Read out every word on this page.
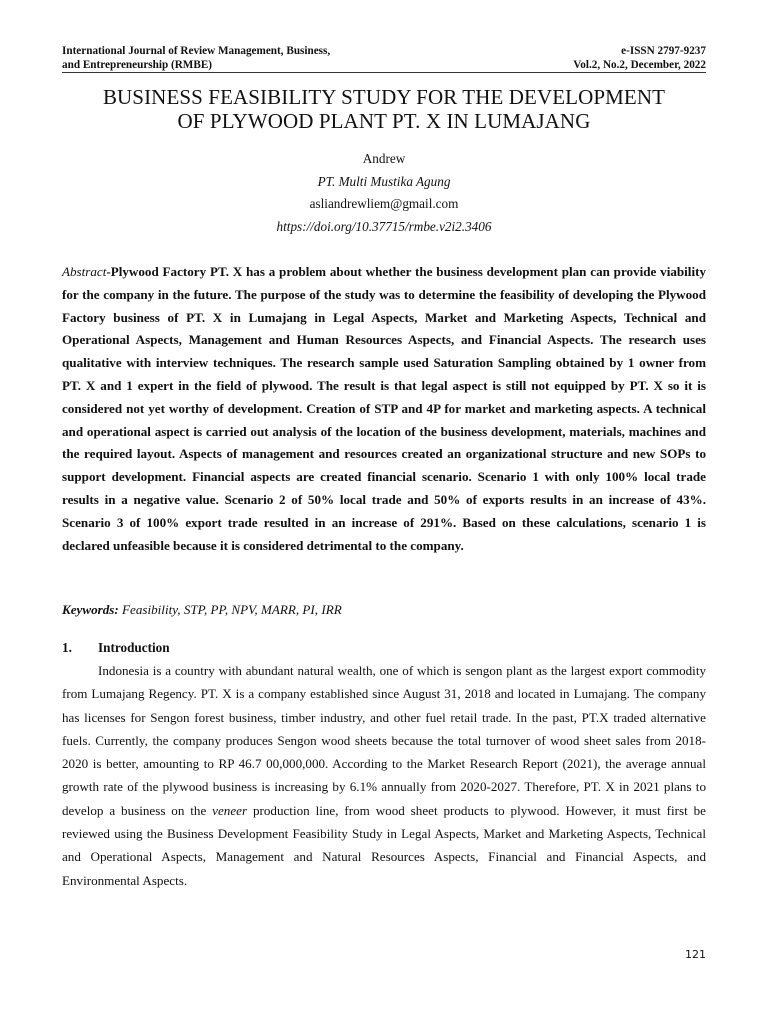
International Journal of Review Management, Business,
and Entrepreneurship (RMBE)
e-ISSN 2797-9237
Vol.2, No.2, December, 2022
BUSINESS FEASIBILITY STUDY FOR THE DEVELOPMENT
OF PLYWOOD PLANT PT. X IN LUMAJANG
Andrew
PT. Multi Mustika Agung
asliandrewliem@gmail.com
https://doi.org/10.37715/rmbe.v2i2.3406
Abstract-Plywood Factory PT. X has a problem about whether the business development plan can provide viability for the company in the future. The purpose of the study was to determine the feasibility of developing the Plywood Factory business of PT. X in Lumajang in Legal Aspects, Market and Marketing Aspects, Technical and Operational Aspects, Management and Human Resources Aspects, and Financial Aspects. The research uses qualitative with interview techniques. The research sample used Saturation Sampling obtained by 1 owner from PT. X and 1 expert in the field of plywood. The result is that legal aspect is still not equipped by PT. X so it is considered not yet worthy of development. Creation of STP and 4P for market and marketing aspects. A technical and operational aspect is carried out analysis of the location of the business development, materials, machines and the required layout. Aspects of management and resources created an organizational structure and new SOPs to support development. Financial aspects are created financial scenario. Scenario 1 with only 100% local trade results in a negative value. Scenario 2 of 50% local trade and 50% of exports results in an increase of 43%. Scenario 3 of 100% export trade resulted in an increase of 291%. Based on these calculations, scenario 1 is declared unfeasible because it is considered detrimental to the company.
Keywords: Feasibility, STP, PP, NPV, MARR, PI, IRR
1. Introduction
Indonesia is a country with abundant natural wealth, one of which is sengon plant as the largest export commodity from Lumajang Regency. PT. X is a company established since August 31, 2018 and located in Lumajang. The company has licenses for Sengon forest business, timber industry, and other fuel retail trade. In the past, PT.X traded alternative fuels. Currently, the company produces Sengon wood sheets because the total turnover of wood sheet sales from 2018-2020 is better, amounting to RP 46.7 00,000,000. According to the Market Research Report (2021), the average annual growth rate of the plywood business is increasing by 6.1% annually from 2020-2027. Therefore, PT. X in 2021 plans to develop a business on the veneer production line, from wood sheet products to plywood. However, it must first be reviewed using the Business Development Feasibility Study in Legal Aspects, Market and Marketing Aspects, Technical and Operational Aspects, Management and Natural Resources Aspects, Financial and Financial Aspects, and Environmental Aspects.
121
